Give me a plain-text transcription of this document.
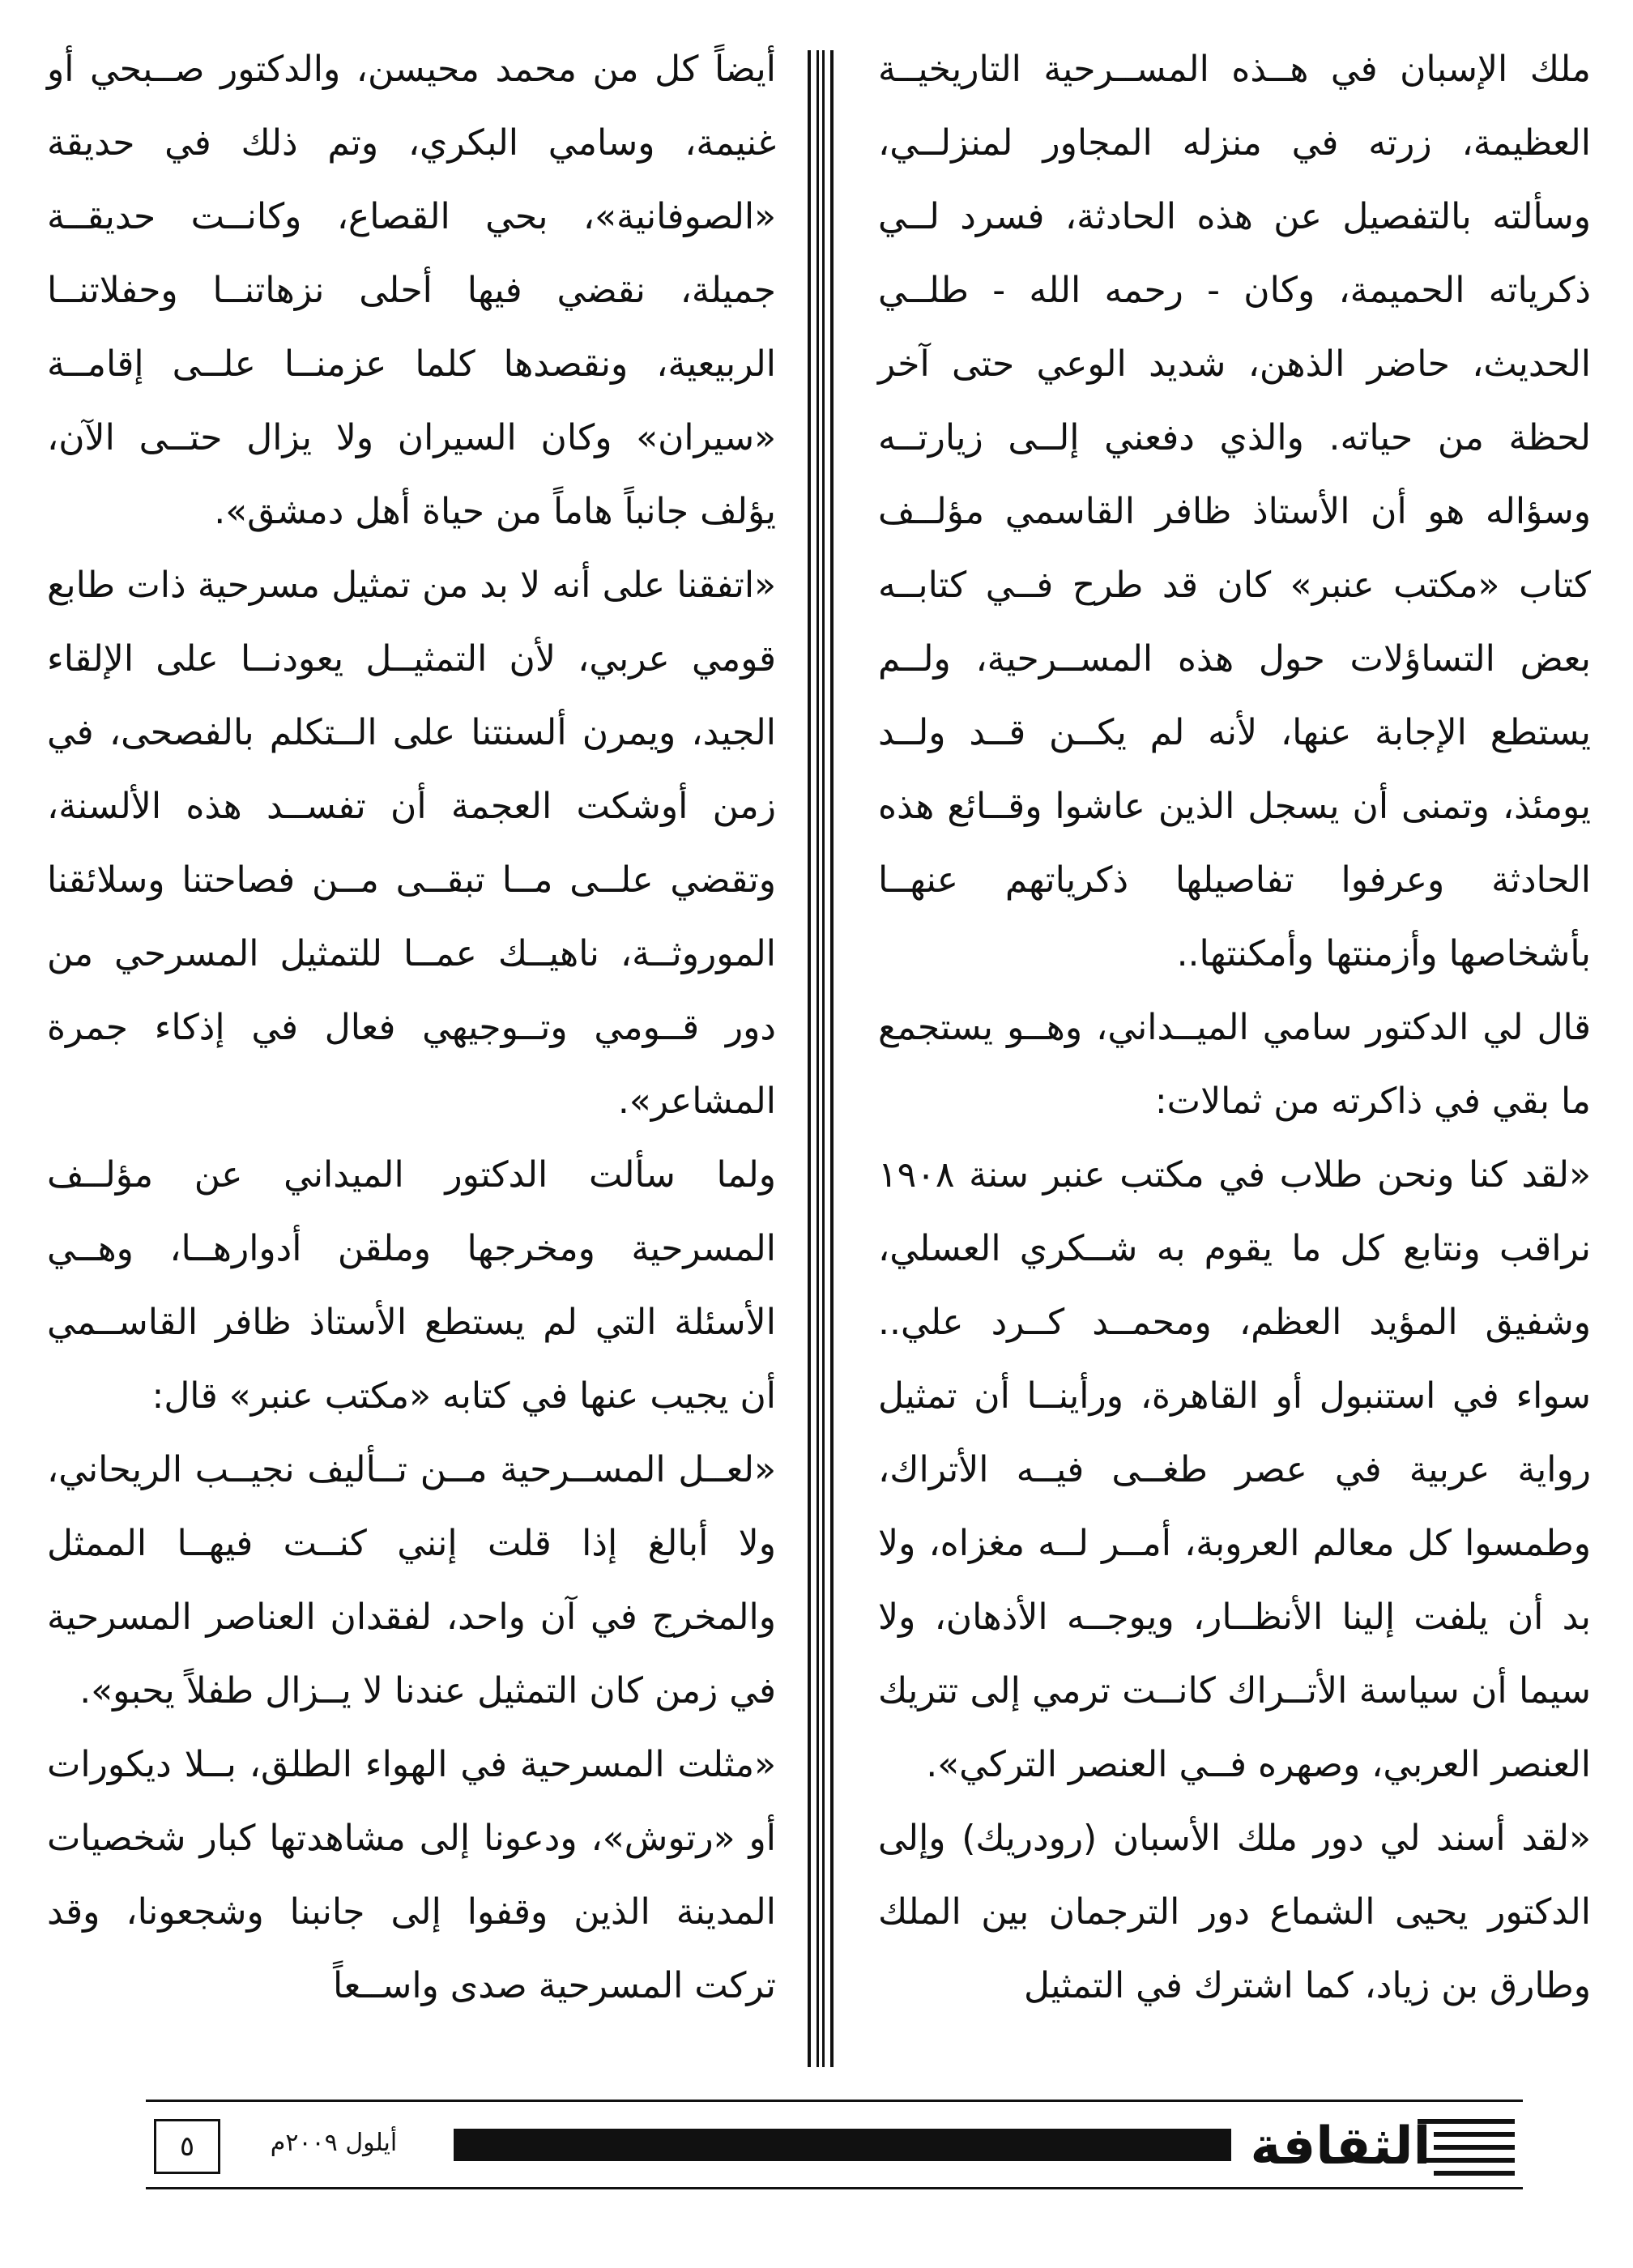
ملك الإسبان في هــذه المســرحية التاريخيــة العظيمة، زرته في منزله المجاور لمنزلــي، وسألته بالتفصيل عن هذه الحادثة، فسرد لــي ذكرياته الحميمة، وكان - رحمه الله - طلــي الحديث، حاضر الذهن، شديد الوعي حتى آخر لحظة من حياته. والذي دفعني إلــى زيارتــه وسؤاله هو أن الأستاذ ظافر القاسمي مؤلــف كتاب «مكتب عنبر» كان قد طرح فــي كتابــه بعض التساؤلات حول هذه المســرحية، ولــم يستطع الإجابة عنها، لأنه لم يكــن قــد ولــد يومئذ، وتمنى أن يسجل الذين عاشوا وقــائع هذه الحادثة وعرفوا تفاصيلها ذكرياتهم عنهــا بأشخاصها وأزمنتها وأمكنتها..

قال لي الدكتور سامي الميــداني، وهــو يستجمع ما بقي في ذاكرته من ثمالات:

«لقد كنا ونحن طلاب في مكتب عنبر سنة ١٩٠٨ نراقب ونتابع كل ما يقوم به شــكري العسلي، وشفيق المؤيد العظم، ومحمــد كــرد علي.. سواء في استنبول أو القاهرة، ورأينــا أن تمثيل رواية عربية في عصر طغــى فيــه الأتراك، وطمسوا كل معالم العروبة، أمــر لــه مغزاه، ولا بد أن يلفت إلينا الأنظــار، ويوجــه الأذهان، ولا سيما أن سياسة الأتــراك كانــت ترمي إلى تتريك العنصر العربي، وصهره فــي العنصر التركي».

«لقد أسند لي دور ملك الأسبان (رودريك) وإلى الدكتور يحيى الشماع دور الترجمان بين الملك وطارق بن زياد، كما اشترك في التمثيل

أيضاً كل من محمد محيسن، والدكتور صــبحي أو غنيمة، وسامي البكري، وتم ذلك في حديقة «الصوفانية»، بحي القصاع، وكانــت حديقــة جميلة، نقضي فيها أحلى نزهاتنــا وحفلاتنــا الربيعية، ونقصدها كلما عزمنــا علــى إقامــة «سيران» وكان السيران ولا يزال حتــى الآن، يؤلف جانباً هاماً من حياة أهل دمشق».

«اتفقنا على أنه لا بد من تمثيل مسرحية ذات طابع قومي عربي، لأن التمثيــل يعودنــا على الإلقاء الجيد، ويمرن ألسنتنا على الــتكلم بالفصحى، في زمن أوشكت العجمة أن تفســد هذه الألسنة، وتقضي علــى مــا تبقــى مــن فصاحتنا وسلائقنا الموروثــة، ناهيــك عمــا للتمثيل المسرحي من دور قــومي وتــوجيهي فعال في إذكاء جمرة المشاعر».

ولما سألت الدكتور الميداني عن مؤلــف المسرحية ومخرجها وملقن أدوارهــا، وهــي الأسئلة التي لم يستطع الأستاذ ظافر القاســمي أن يجيب عنها في كتابه «مكتب عنبر» قال:

«لعــل المســرحية مــن تــأليف نجيــب الريحاني، ولا أبالغ إذا قلت إنني كنــت فيهــا الممثل والمخرج في آن واحد، لفقدان العناصر المسرحية في زمن كان التمثيل عندنا لا يــزال طفلاً يحبو».

«مثلت المسرحية في الهواء الطلق، بــلا ديكورات أو «رتوش»، ودعونا إلى مشاهدتها كبار شخصيات المدينة الذين وقفوا إلى جانبنا وشجعونا، وقد تركت المسرحية صدى واســعاً

٥	أيلول ٢٠٠٩م	الثقافة
